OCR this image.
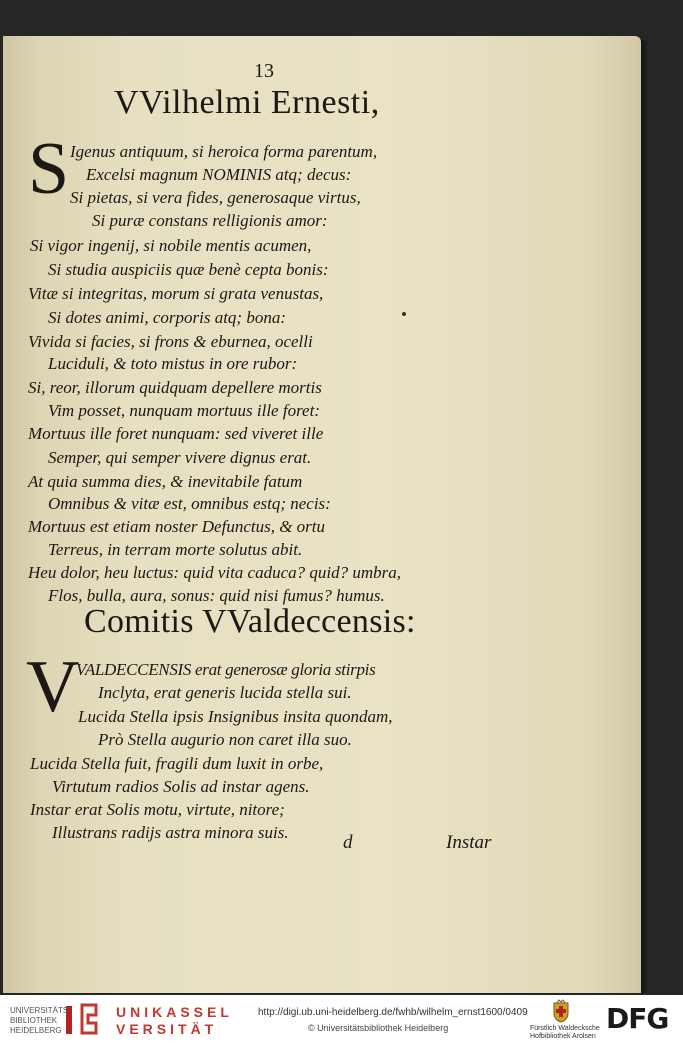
13
VVilhelmi Ernesti,
S Igenus antiquum, si heroica forma parentum,
Excelsi magnum NOMINIS atq; decus:
Si pietas, si vera fides, generosaque virtus,
Si puræ constans relligionis amor:
Si vigor ingenij, si nobile mentis acumen,
Si studia auspiciis quæ benè cepta bonis:
Vitæ si integritas, morum si grata venustas,
Si dotes animi, corporis atq; bona:
Vivida si facies, si frons & eburnea, ocelli
Luciduli, & toto mistus in ore rubor:
Si, reor, illorum quidquam depellere mortis
Vim posset, nunquam mortuus ille foret:
Mortuus ille foret nunquam: sed viveret ille
Semper, qui semper vivere dignus erat.
At quia summa dies, & inevitabile fatum
Omnibus & vitæ est, omnibus estq; necis:
Mortuus est etiam noster Defunctus, & ortu
Terreus, in terram morte solutus abit.
Heu dolor, heu luctus: quid vita caduca? quid? umbra,
Flos, bulla, aura, sonus: quid nisi fumus? humus.
Comitis VValdeccensis:
V
VALDECCENSIS erat generosæ gloria stirpis
Inclyta, erat generis lucida stella sui.
Lucida Stella ipsis Insignibus insita quondam,
Prò Stella augurio non caret illa suo.
Lucida Stella fuit, fragili dum luxit in orbe,
Virtutum radios Solis ad instar agens.
Instar erat Solis motu, virtute, nitore;
Illustrans radijs astra minora suis.	d	Instar
UNIVERSITÄTS-
BIBLIOTHEK
HEIDELBERG
UNIKASSEL
VERSITÄT
http://digi.ub.uni-heidelberg.de/fwhb/wilhelm_ernst1600/0409
© Universitätsbibliothek Heidelberg	Fürstlich Waldecksche
Hofbibliothek Arolsen
DFG
